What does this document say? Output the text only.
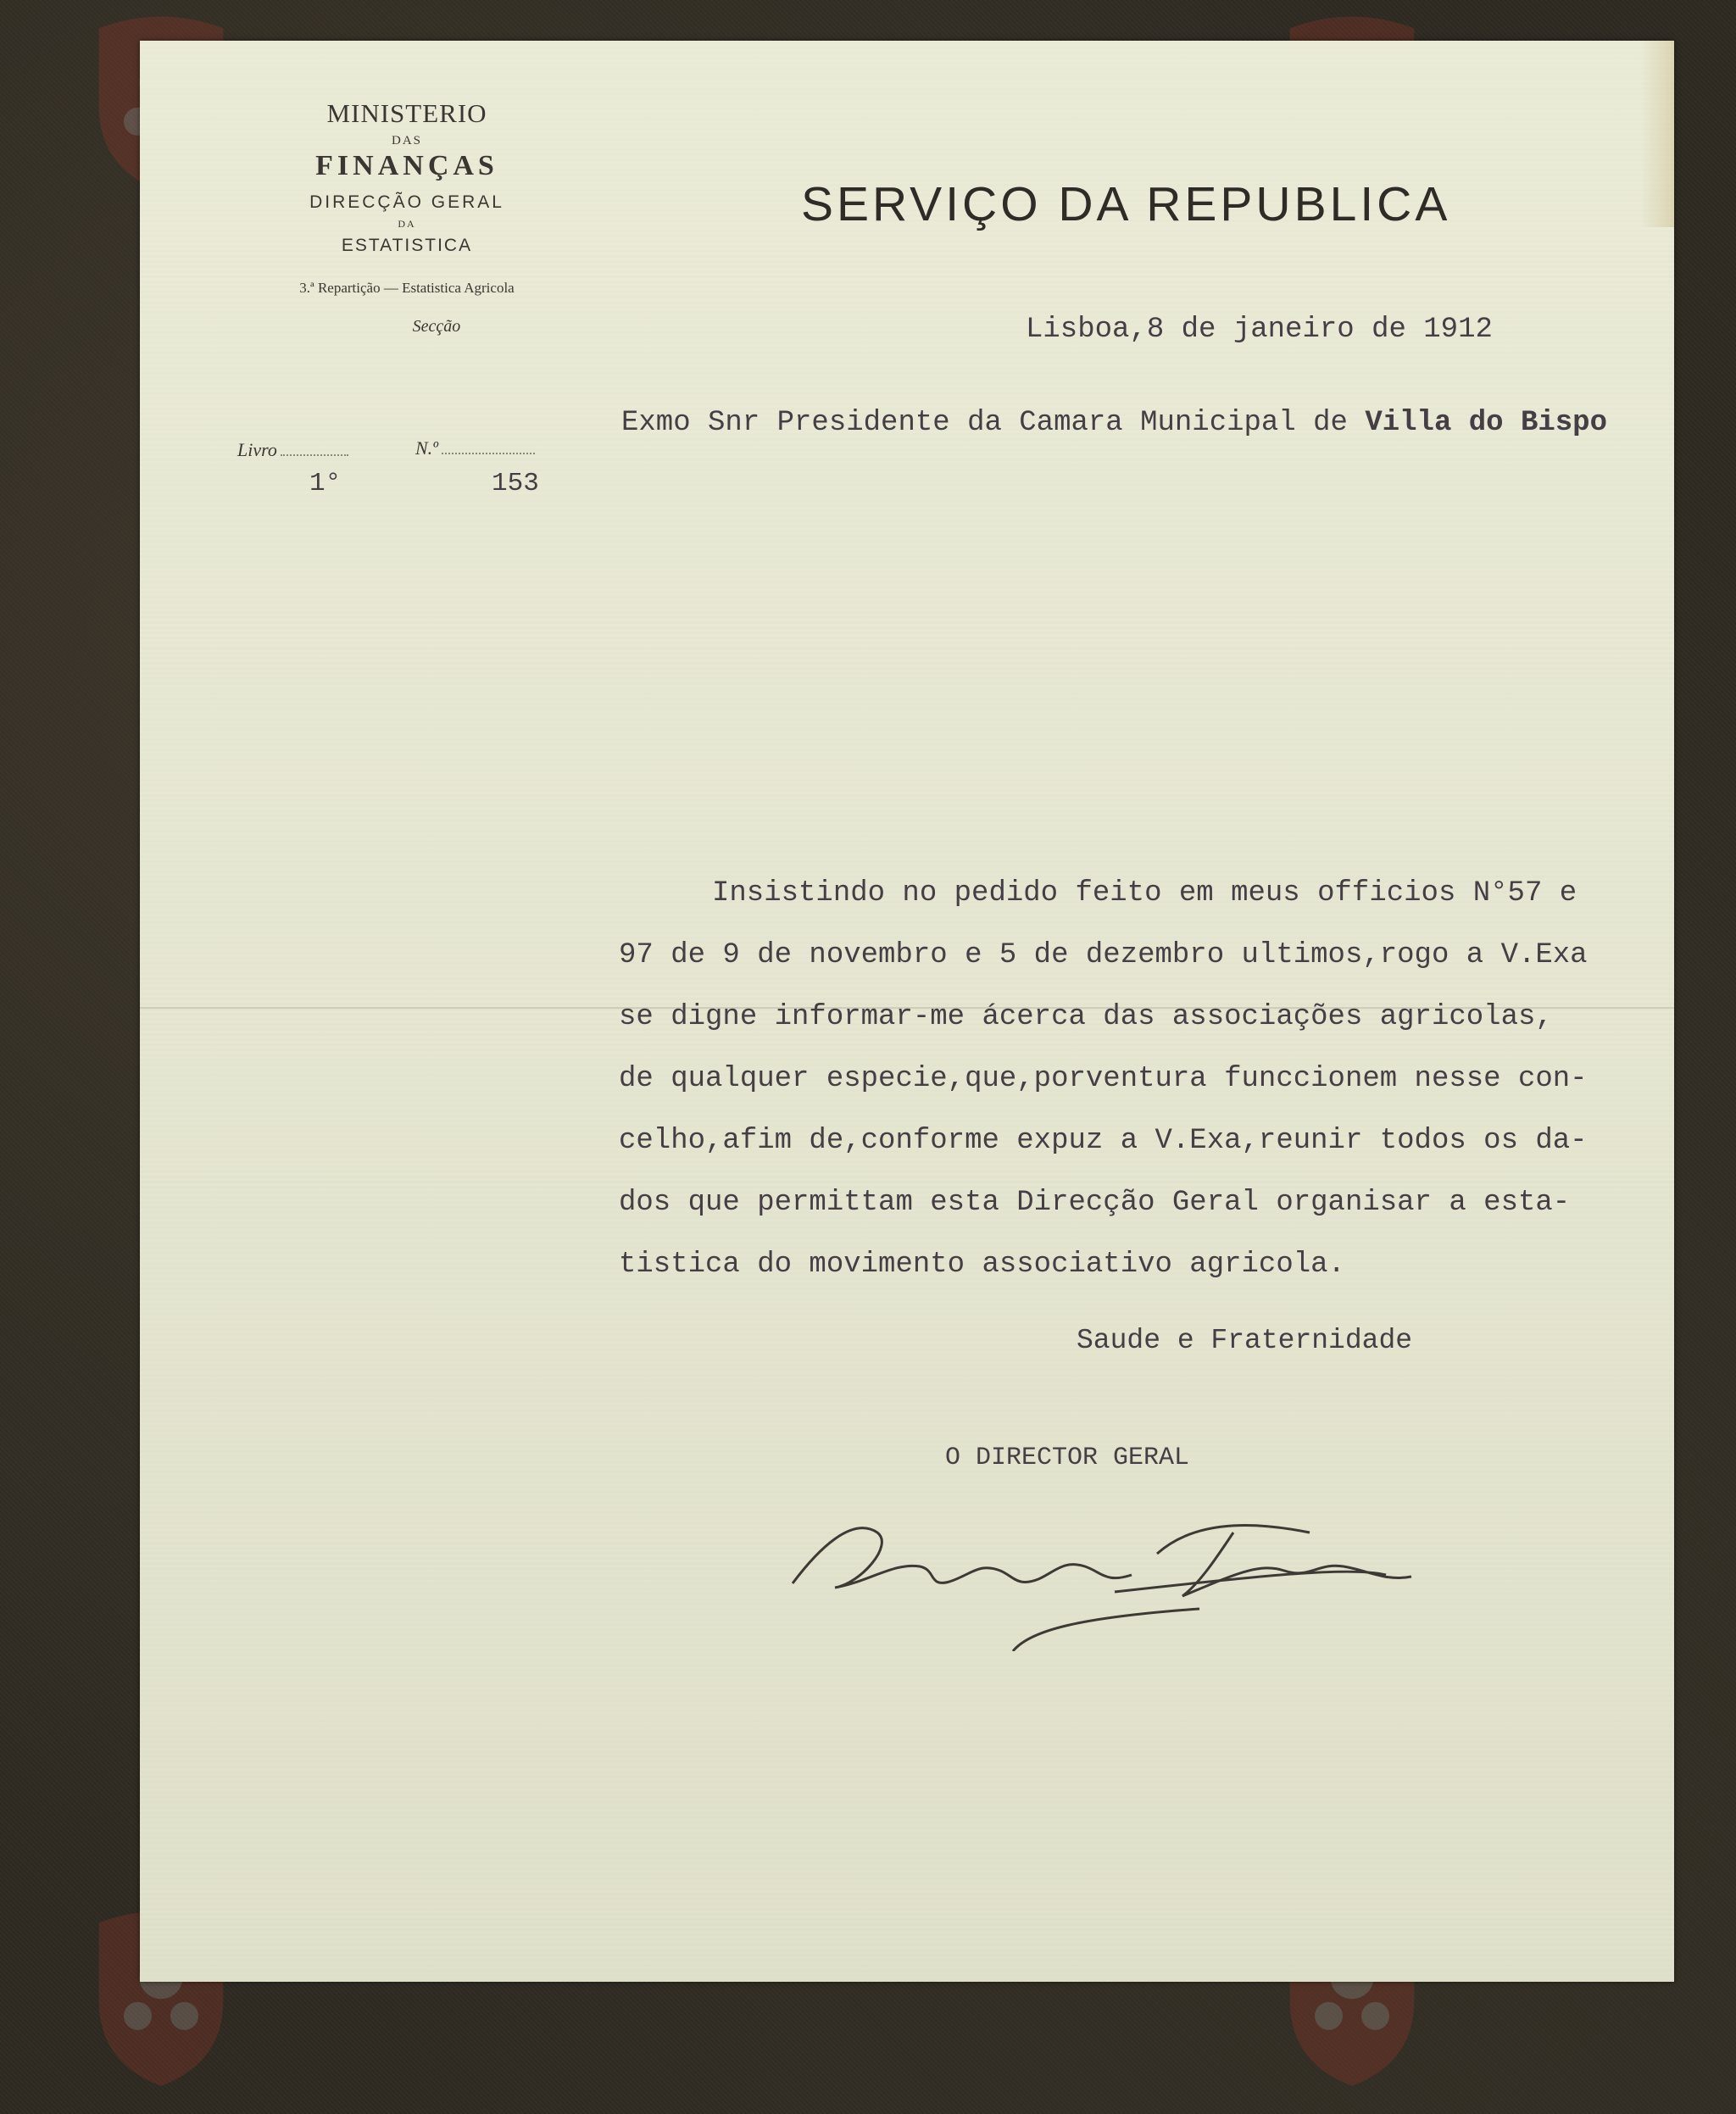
MINISTERIO
DAS
FINANÇAS
DIRECÇÃO GERAL
DA
ESTATISTICA
3.ª Repartição — Estatistica Agricola
Secção
Livro	N.º
1°	153
SERVIÇO DA REPUBLICA
Lisboa,8 de janeiro de 1912
Exmo Snr Presidente da Camara Municipal de Villa do Bispo
Insistindo no pedido feito em meus officios N°57 e
97 de 9 de novembro e 5 de dezembro ultimos,rogo a V.Exa
se digne informar-me ácerca das associações agricolas,
de qualquer especie,que,porventura funccionem nesse con-
celho,afim de,conforme expuz a V.Exa,reunir todos os da-
dos que permittam esta Direcção Geral organisar a esta-
tistica do movimento associativo agricola.
Saude e Fraternidade
O DIRECTOR GERAL
